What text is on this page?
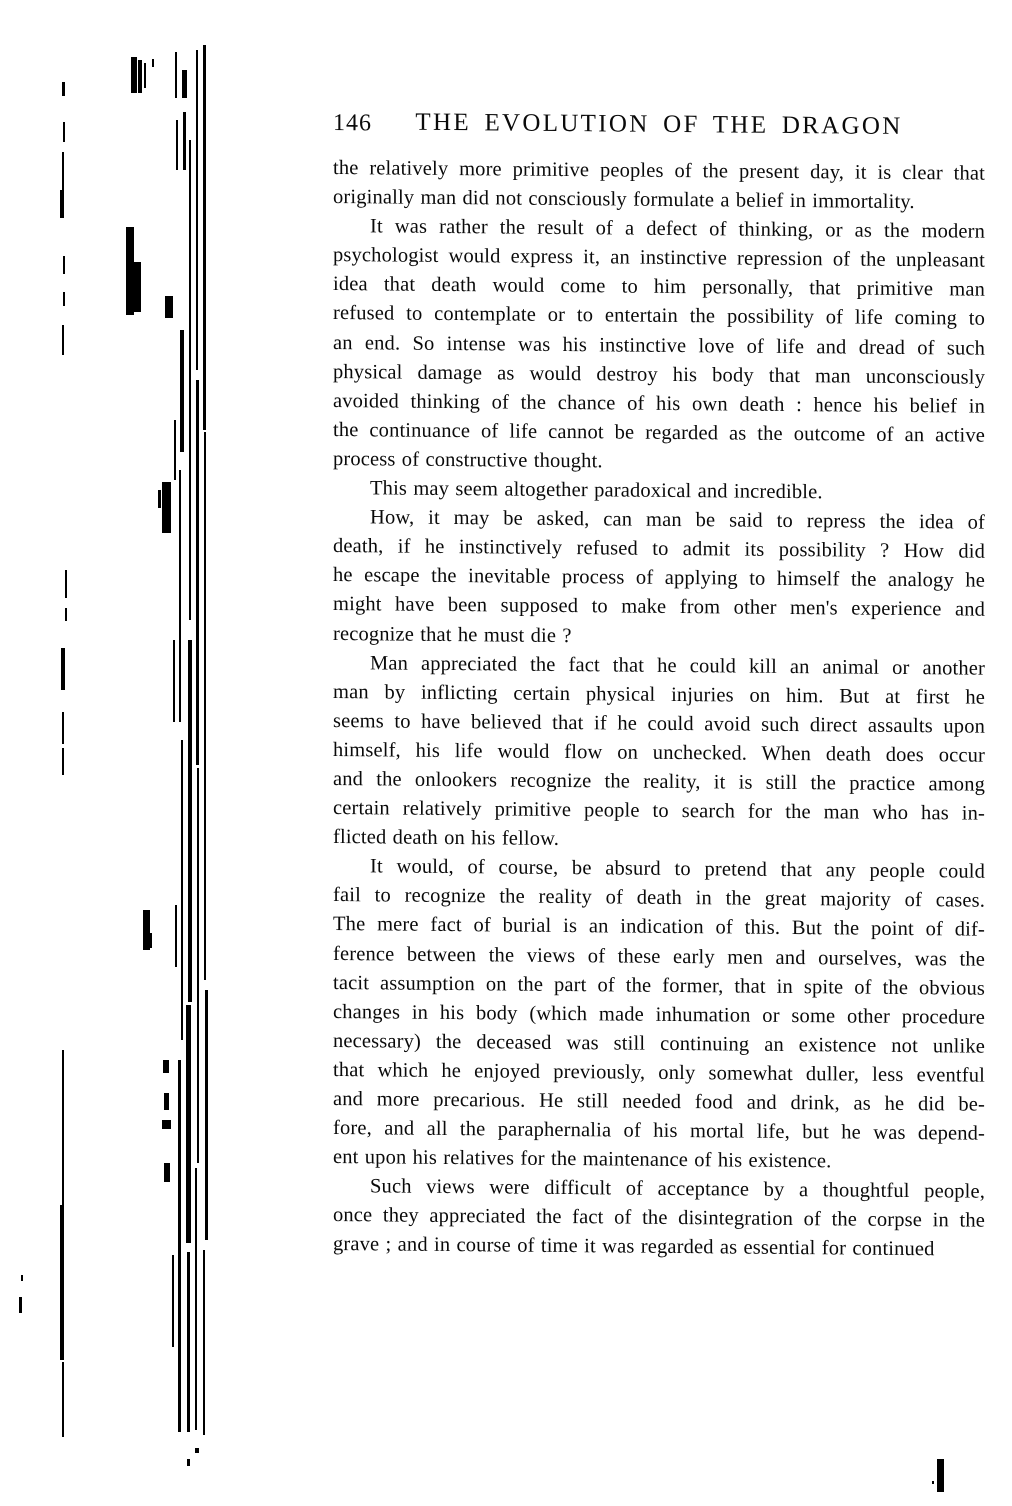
146	THE EVOLUTION OF THE DRAGON
the relatively more primitive peoples of the present day, it is clear that
originally man did not consciously formulate a belief in immortality.
It was rather the result of a defect of thinking, or as the modern
psychologist would express it, an instinctive repression of the unpleasant
idea that death would come to him personally, that primitive man
refused to contemplate or to entertain the possibility of life coming to
an end. So intense was his instinctive love of life and dread of such
physical damage as would destroy his body that man unconsciously
avoided thinking of the chance of his own death : hence his belief in
the continuance of life cannot be regarded as the outcome of an active
process of constructive thought.
This may seem altogether paradoxical and incredible.
How, it may be asked, can man be said to repress the idea of
death, if he instinctively refused to admit its possibility ? How did
he escape the inevitable process of applying to himself the analogy he
might have been supposed to make from other men's experience and
recognize that he must die ?
Man appreciated the fact that he could kill an animal or another
man by inflicting certain physical injuries on him. But at first he
seems to have believed that if he could avoid such direct assaults upon
himself, his life would flow on unchecked. When death does occur
and the onlookers recognize the reality, it is still the practice among
certain relatively primitive people to search for the man who has in-
flicted death on his fellow.
It would, of course, be absurd to pretend that any people could
fail to recognize the reality of death in the great majority of cases.
The mere fact of burial is an indication of this. But the point of dif-
ference between the views of these early men and ourselves, was the
tacit assumption on the part of the former, that in spite of the obvious
changes in his body (which made inhumation or some other procedure
necessary) the deceased was still continuing an existence not unlike
that which he enjoyed previously, only somewhat duller, less eventful
and more precarious. He still needed food and drink, as he did be-
fore, and all the paraphernalia of his mortal life, but he was depend-
ent upon his relatives for the maintenance of his existence.
Such views were difficult of acceptance by a thoughtful people,
once they appreciated the fact of the disintegration of the corpse in the
grave ; and in course of time it was regarded as essential for continued
